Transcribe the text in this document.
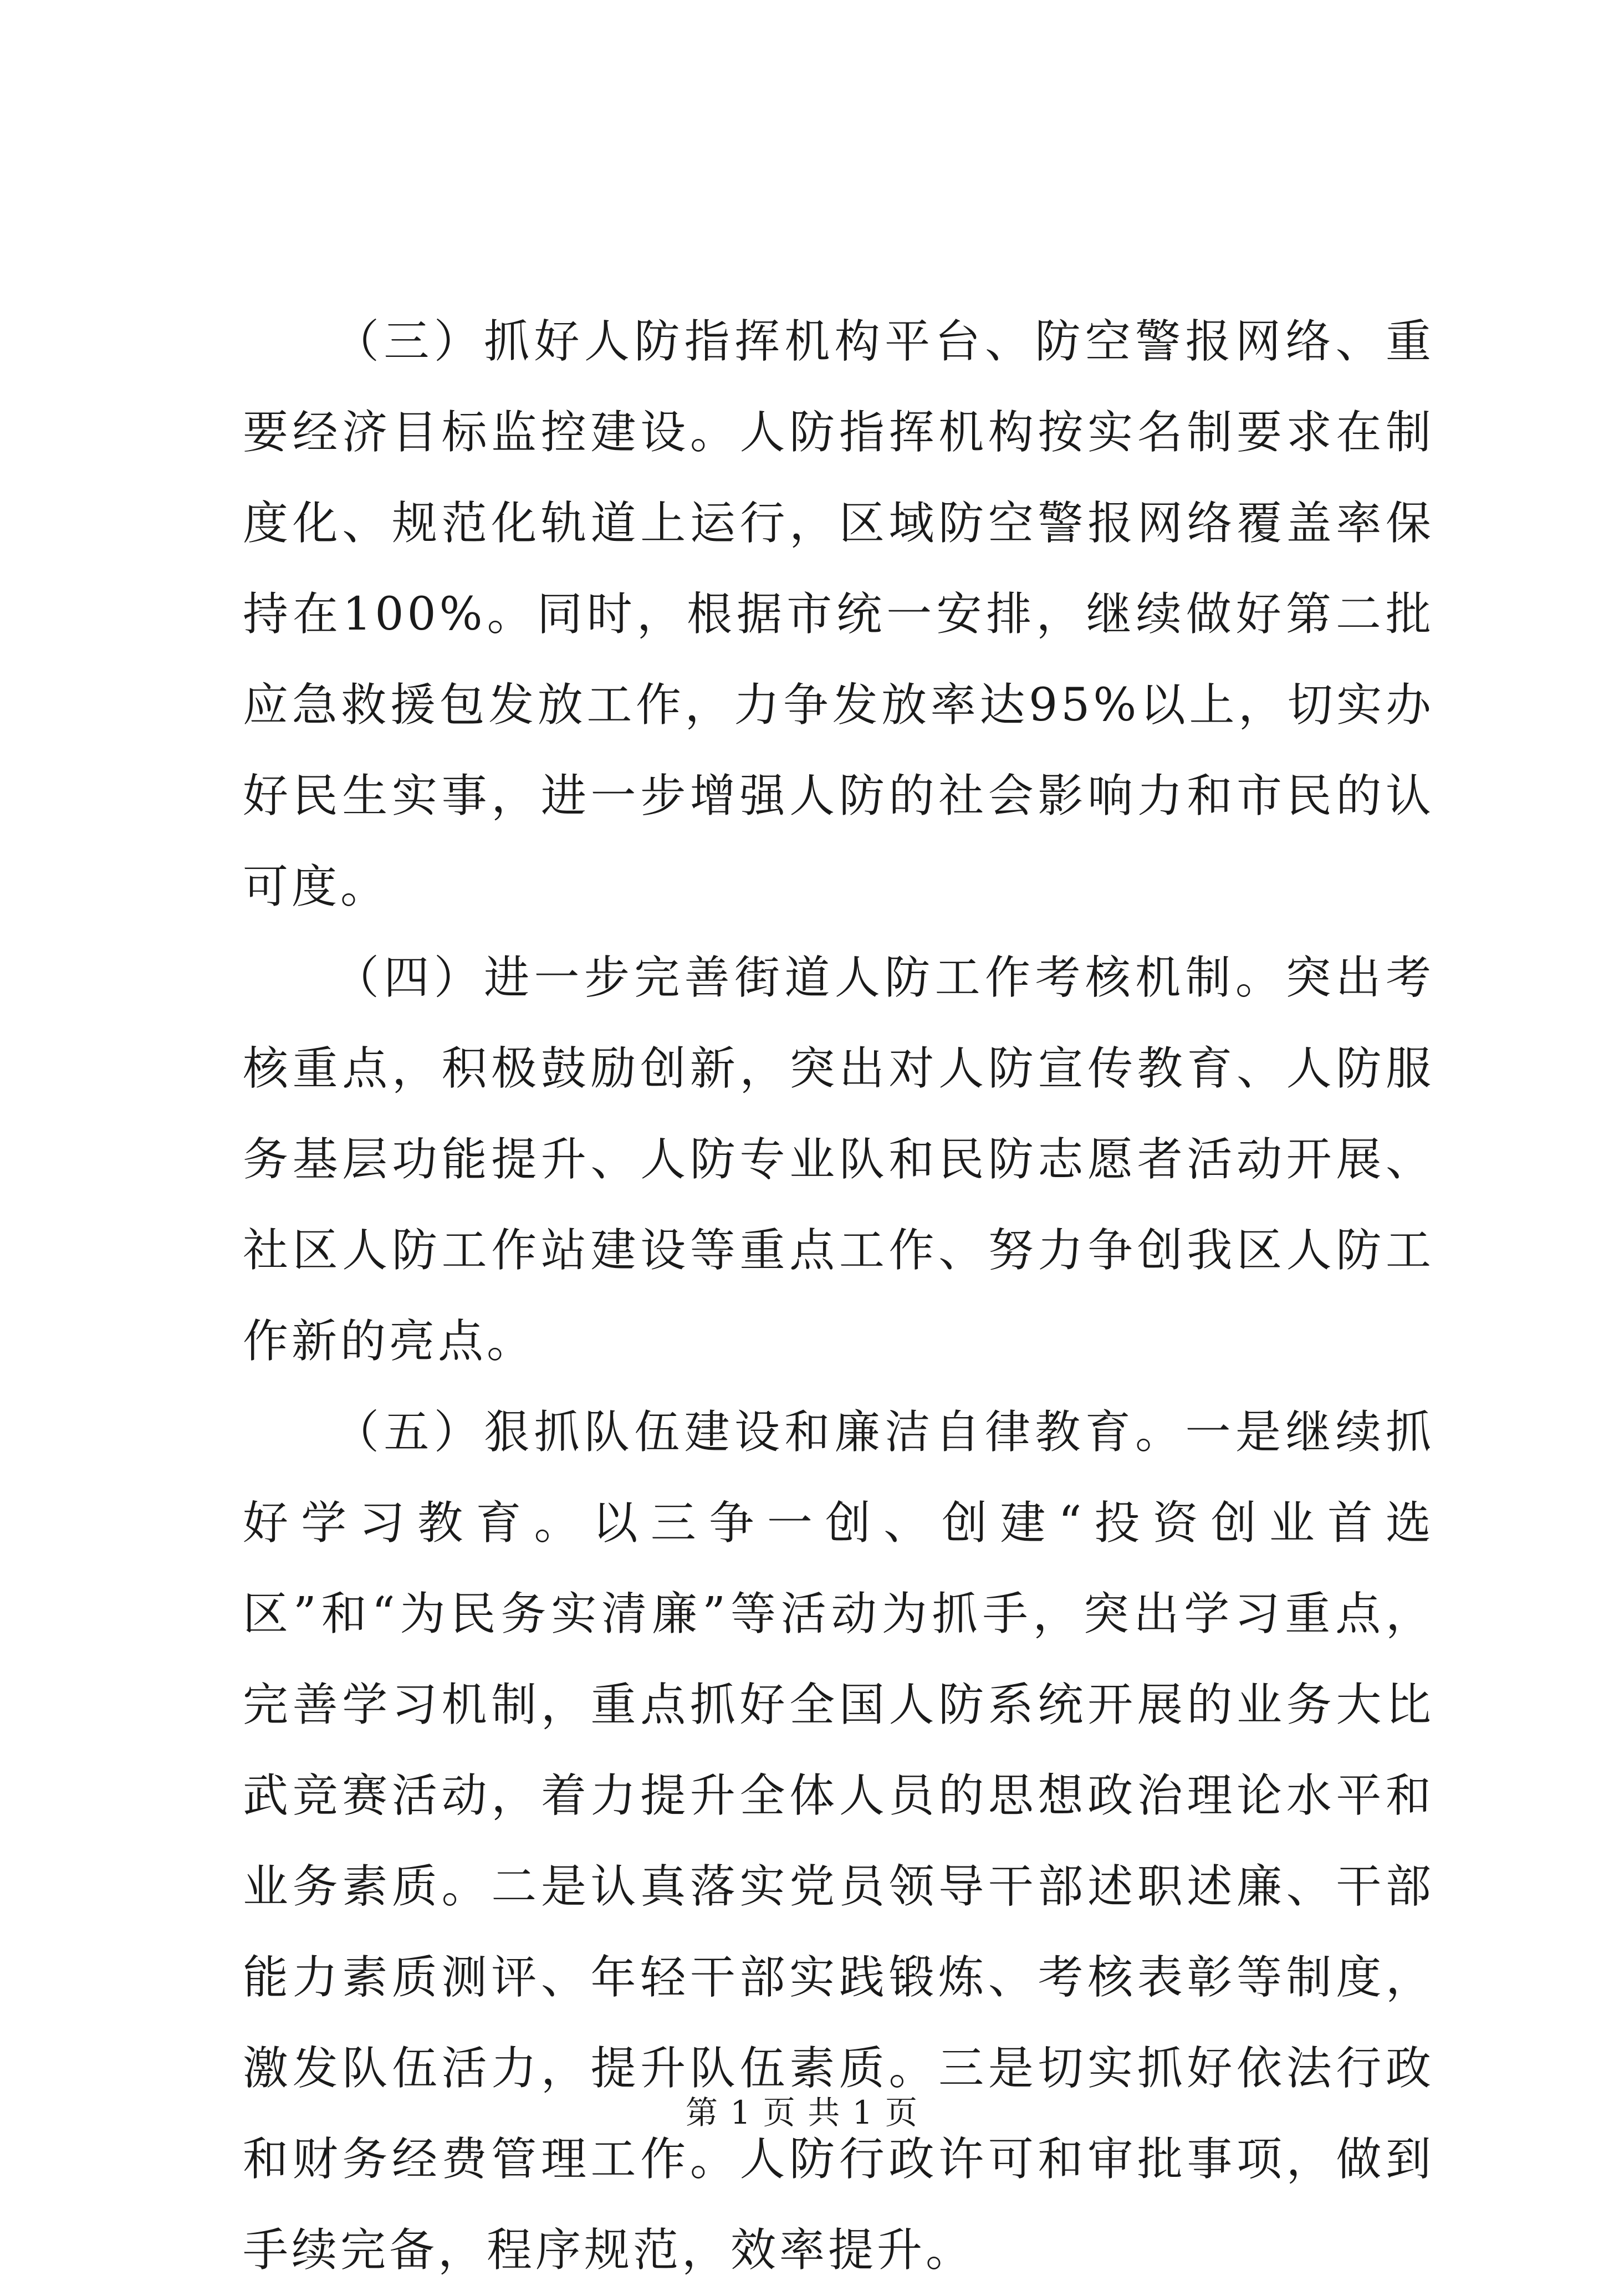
（三）抓好人防指挥机构平台、防空警报网络、重要经济目标监控建设。人防指挥机构按实名制要求在制度化、规范化轨道上运行，区域防空警报网络覆盖率保持在100%。同时，根据市统一安排，继续做好第二批应急救援包发放工作，力争发放率达95%以上，切实办好民生实事，进一步增强人防的社会影响力和市民的认可度。

（四）进一步完善街道人防工作考核机制。突出考核重点，积极鼓励创新，突出对人防宣传教育、人防服务基层功能提升、人防专业队和民防志愿者活动开展、社区人防工作站建设等重点工作、努力争创我区人防工作新的亮点。

（五）狠抓队伍建设和廉洁自律教育。一是继续抓好学习教育。以三争一创、创建“投资创业首选区”和“为民务实清廉”等活动为抓手，突出学习重点，完善学习机制，重点抓好全国人防系统开展的业务大比武竞赛活动，着力提升全体人员的思想政治理论水平和业务素质。二是认真落实党员领导干部述职述廉、干部能力素质测评、年轻干部实践锻炼、考核表彰等制度，激发队伍活力，提升队伍素质。三是切实抓好依法行政和财务经费管理工作。人防行政许可和审批事项，做到手续完备，程序规范，效率提升。

第 1 页 共 1 页
